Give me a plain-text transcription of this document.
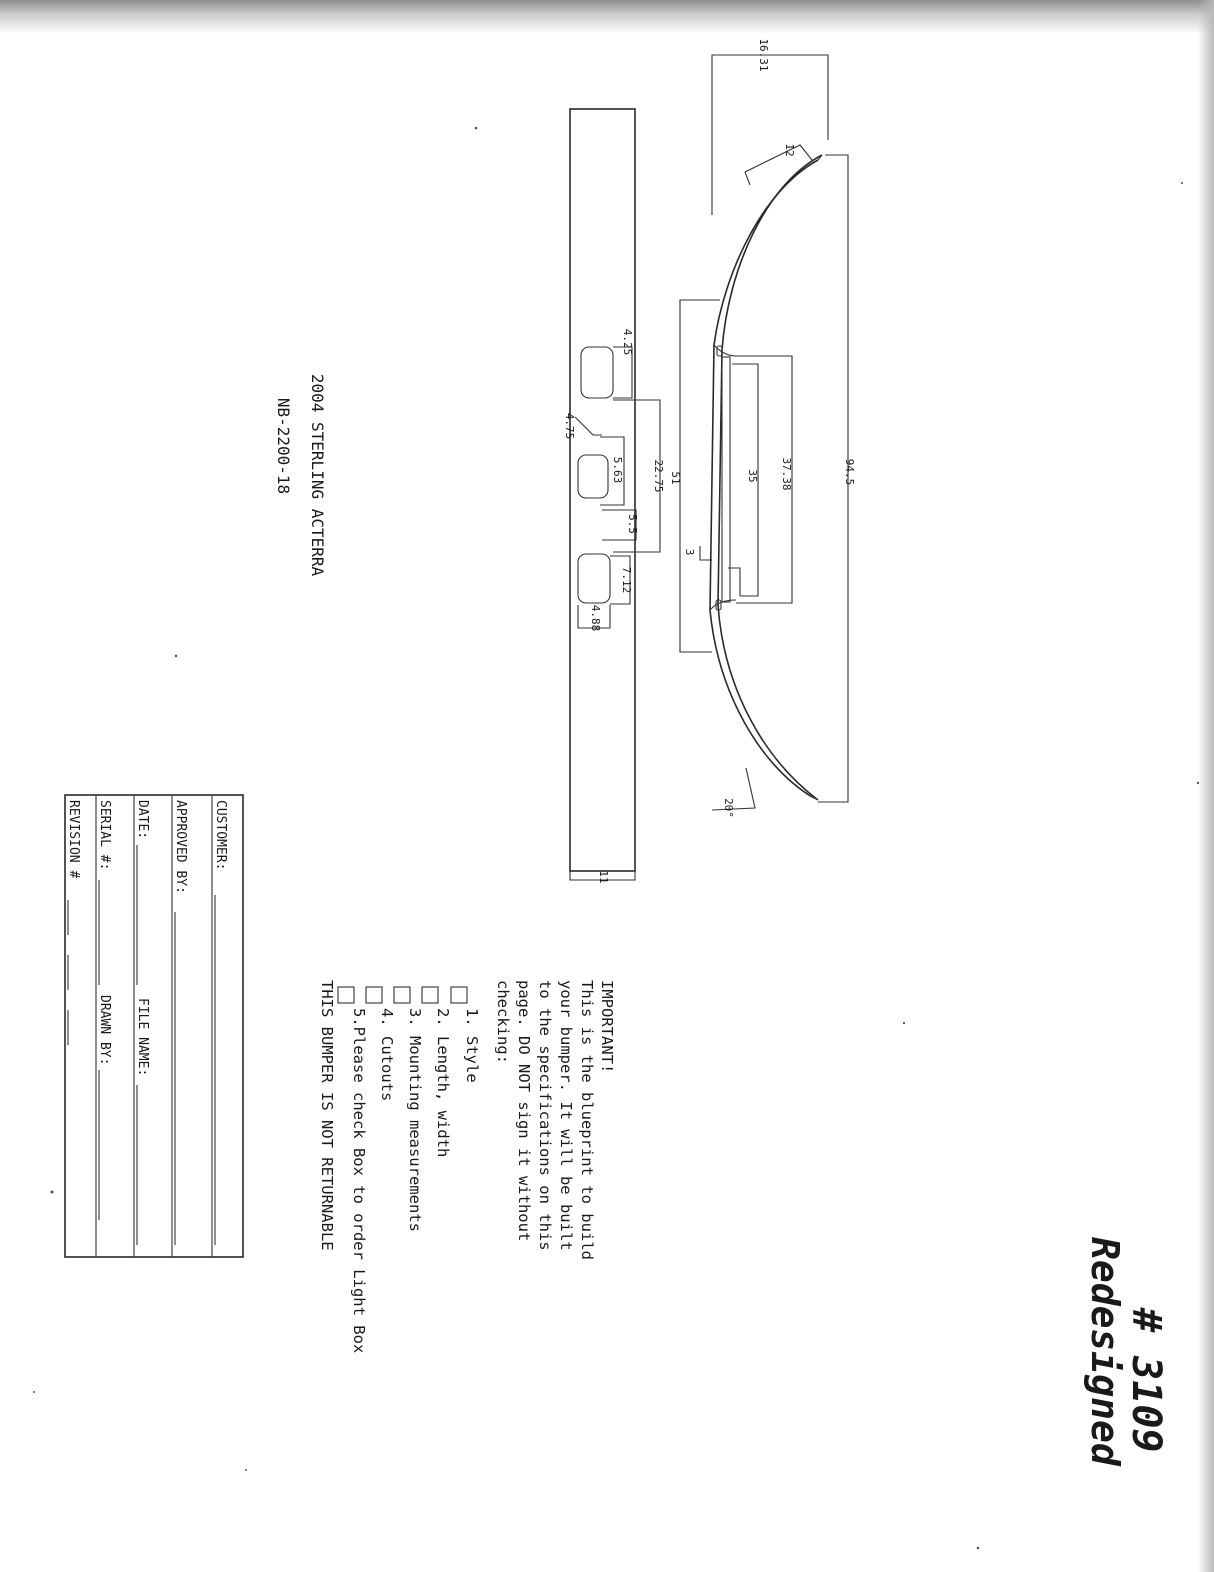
94.5
37.38
35
51
3
16.31
12
20°
4.25
22.75
4.75
5.63
5.5
7.12
4.88
11
2004 STERLING ACTERRA
NB-2200-18
# 3109
Redesigned
IMPORTANT!
This is the blueprint to build
your bumper. It will be built
to the specifications on this
page. DO NOT sign it without
checking:
1. Style
2. Length, width
3. Mounting measurements
4. Cutouts
5.Please check Box to order Light Box
THIS BUMPER IS NOT RETURNABLE
CUSTOMER:
APPROVED BY:
DATE:
FILE NAME:
SERIAL #:
DRAWN BY:
REVISION #
